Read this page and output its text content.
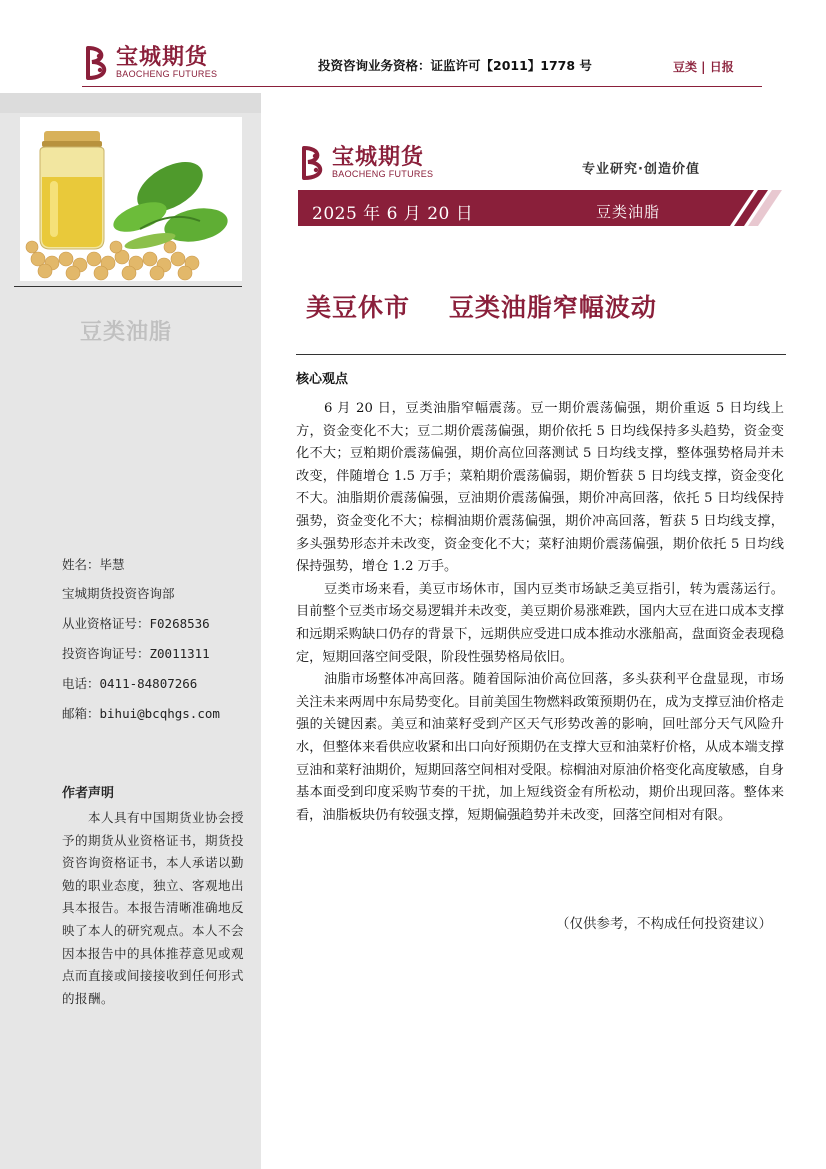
宝城期货
BAOCHENG FUTURES
投资咨询业务资格：证监许可【2011】1778 号	豆类 | 日报
豆类油脂
姓名：毕慧
宝城期货投资咨询部
从业资格证号：F0268536
投资咨询证号：Z0011311
电话：0411-84807266
邮箱：bihui@bcqhgs.com
作者声明
本人具有中国期货业协会授予的期货从业资格证书，期货投资咨询资格证书，本人承诺以勤勉的职业态度，独立、客观地出具本报告。本报告清晰准确地反映了本人的研究观点。本人不会因本报告中的具体推荐意见或观点而直接或间接接收到任何形式的报酬。
宝城期货
BAOCHENG FUTURES	专业研究·创造价值
2025 年 6 月 20 日	豆类油脂
美豆休市    豆类油脂窄幅波动
核心观点

6 月 20 日，豆类油脂窄幅震荡。豆一期价震荡偏强，期价重返 5 日均线上方，资金变化不大；豆二期价震荡偏强，期价依托 5 日均线保持多头趋势，资金变化不大；豆粕期价震荡偏强，期价高位回落测试 5 日均线支撑，整体强势格局并未改变，伴随增仓 1.5 万手；菜粕期价震荡偏弱，期价暂获 5 日均线支撑，资金变化不大。油脂期价震荡偏强，豆油期价震荡偏强，期价冲高回落，依托 5 日均线保持强势，资金变化不大；棕榈油期价震荡偏强，期价冲高回落，暂获 5 日均线支撑，多头强势形态并未改变，资金变化不大；菜籽油期价震荡偏强，期价依托 5 日均线保持强势，增仓 1.2 万手。

豆类市场来看，美豆市场休市，国内豆类市场缺乏美豆指引，转为震荡运行。目前整个豆类市场交易逻辑并未改变，美豆期价易涨难跌，国内大豆在进口成本支撑和远期采购缺口仍存的背景下，远期供应受进口成本推动水涨船高，盘面资金表现稳定，短期回落空间受限，阶段性强势格局依旧。

油脂市场整体冲高回落。随着国际油价高位回落，多头获利平仓盘显现，市场关注未来两周中东局势变化。目前美国生物燃料政策预期仍在，成为支撑豆油价格走强的关键因素。美豆和油菜籽受到产区天气形势改善的影响，回吐部分天气风险升水，但整体来看供应收紧和出口向好预期仍在支撑大豆和油菜籽价格，从成本端支撑豆油和菜籽油期价，短期回落空间相对受限。棕榈油对原油价格变化高度敏感，自身基本面受到印度采购节奏的干扰，加上短线资金有所松动，期价出现回落。整体来看，油脂板块仍有较强支撑，短期偏强趋势并未改变，回落空间相对有限。

（仅供参考，不构成任何投资建议）
